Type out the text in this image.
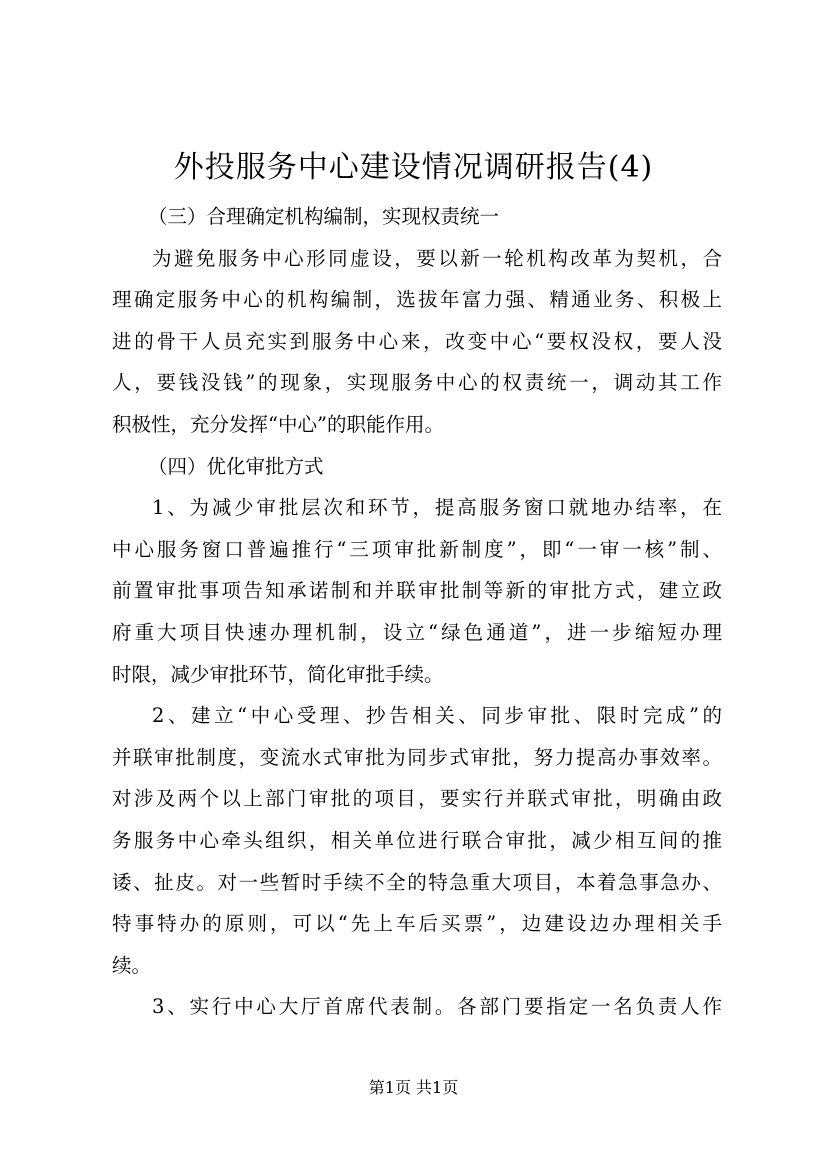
外投服务中心建设情况调研报告(4)
（三）合理确定机构编制，实现权责统一
为避免服务中心形同虚设，要以新一轮机构改革为契机，合
理确定服务中心的机构编制，选拔年富力强、精通业务、积极上
进的骨干人员充实到服务中心来，改变中心“要权没权，要人没
人，要钱没钱”的现象，实现服务中心的权责统一，调动其工作
积极性，充分发挥“中心”的职能作用。
（四）优化审批方式
1、为减少审批层次和环节，提高服务窗口就地办结率，在
中心服务窗口普遍推行“三项审批新制度”，即“一审一核”制、
前置审批事项告知承诺制和并联审批制等新的审批方式，建立政
府重大项目快速办理机制，设立“绿色通道”，进一步缩短办理
时限，减少审批环节，简化审批手续。
2、建立“中心受理、抄告相关、同步审批、限时完成”的
并联审批制度，变流水式审批为同步式审批，努力提高办事效率。
对涉及两个以上部门审批的项目，要实行并联式审批，明确由政
务服务中心牵头组织，相关单位进行联合审批，减少相互间的推
诿、扯皮。对一些暂时手续不全的特急重大项目，本着急事急办、
特事特办的原则，可以“先上车后买票”，边建设边办理相关手
续。
3、实行中心大厅首席代表制。各部门要指定一名负责人作
第1页 共1页
